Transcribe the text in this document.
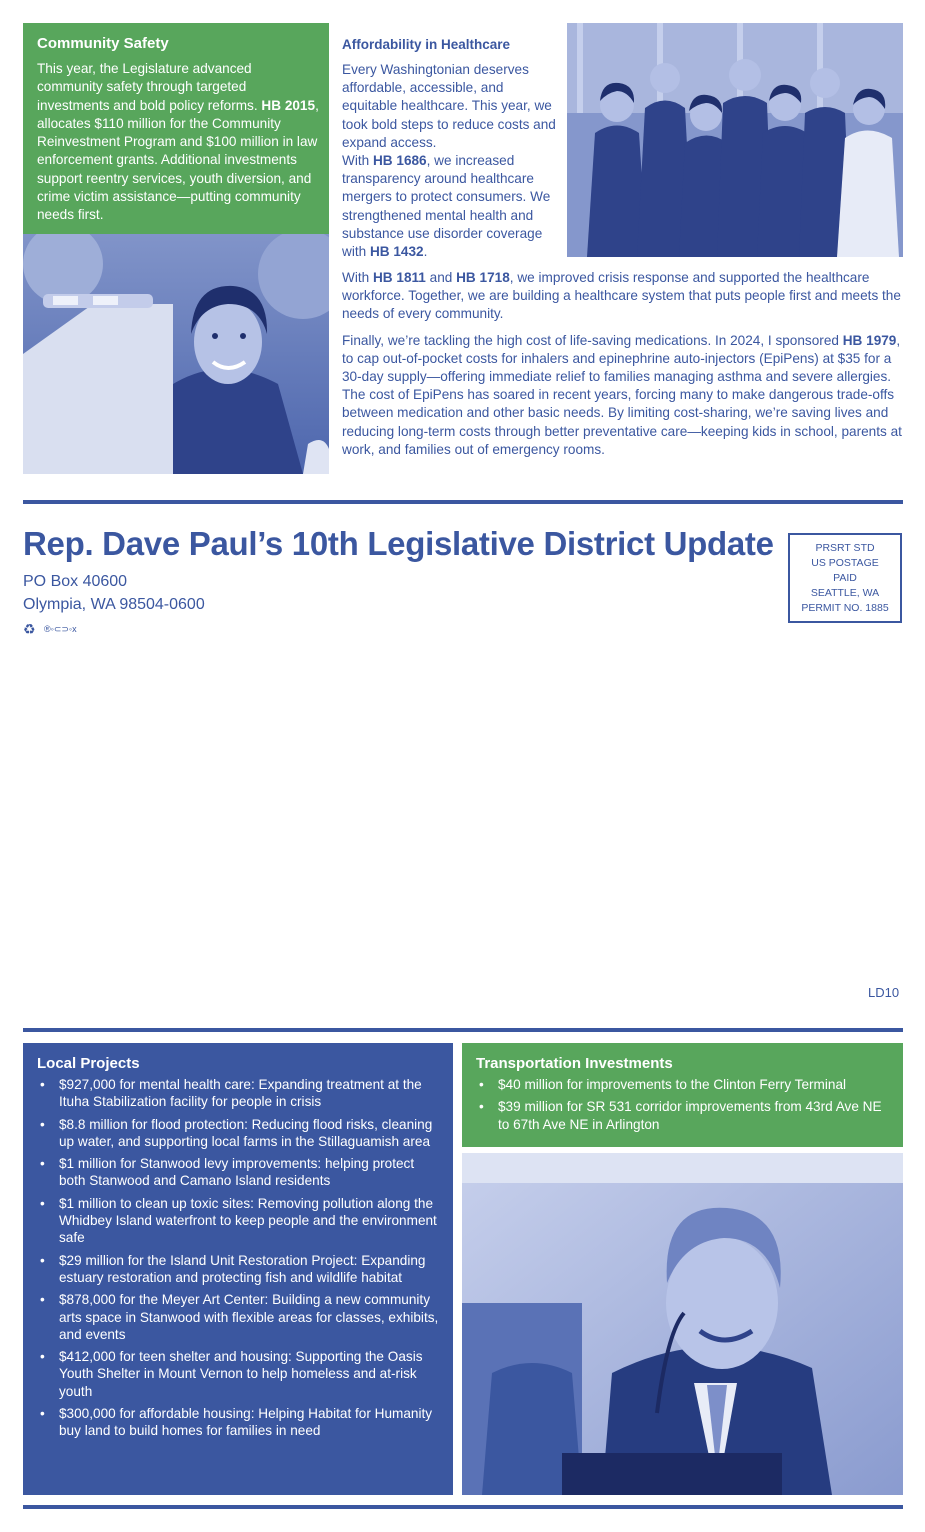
Community Safety

This year, the Legislature advanced community safety through targeted investments and bold policy reforms. HB 2015, allocates $110 million for the Community Reinvestment Program and $100 million in law enforcement grants. Additional investments support reentry services, youth diversion, and crime victim assistance—putting community needs first.

Affordability in Healthcare

Every Washingtonian deserves affordable, accessible, and equitable healthcare. This year, we took bold steps to reduce costs and expand access.

With HB 1686, we increased transparency around healthcare mergers to protect consumers. We strengthened mental health and substance use disorder coverage with HB 1432.

With HB 1811 and HB 1718, we improved crisis response and supported the healthcare workforce. Together, we are building a healthcare system that puts people first and meets the needs of every community.

Finally, we’re tackling the high cost of life-saving medications. In 2024, I sponsored HB 1979, to cap out-of-pocket costs for inhalers and epinephrine auto-injectors (EpiPens) at $35 for a 30-day supply—offering immediate relief to families managing asthma and severe allergies. The cost of EpiPens has soared in recent years, forcing many to make dangerous trade-offs between medication and other basic needs. By limiting cost-sharing, we’re saving lives and reducing long-term costs through better preventative care—keeping kids in school, parents at work, and families out of emergency rooms.

Rep. Dave Paul’s 10th Legislative District Update
PO Box 40600
Olympia, WA 98504-0600
♻ ®◦⊂⊃◦x
PRSRT STD
US POSTAGE
PAID
SEATTLE, WA
PERMIT NO. 1885
LD10
Local Projects
• $927,000 for mental health care: Expanding treatment at the Ituha Stabilization facility for people in crisis
• $8.8 million for flood protection: Reducing flood risks, cleaning up water, and supporting local farms in the Stillaguamish area
• $1 million for Stanwood levy improvements: helping protect both Stanwood and Camano Island residents
• $1 million to clean up toxic sites: Removing pollution along the Whidbey Island waterfront to keep people and the environment safe
• $29 million for the Island Unit Restoration Project: Expanding estuary restoration and protecting fish and wildlife habitat
• $878,000 for the Meyer Art Center: Building a new community arts space in Stanwood with flexible areas for classes, exhibits, and events
• $412,000 for teen shelter and housing: Supporting the Oasis Youth Shelter in Mount Vernon to help homeless and at-risk youth
• $300,000 for affordable housing: Helping Habitat for Humanity buy land to build homes for families in need
Transportation Investments
• $40 million for improvements to the Clinton Ferry Terminal
• $39 million for SR 531 corridor improvements from 43rd Ave NE to 67th Ave NE in Arlington
